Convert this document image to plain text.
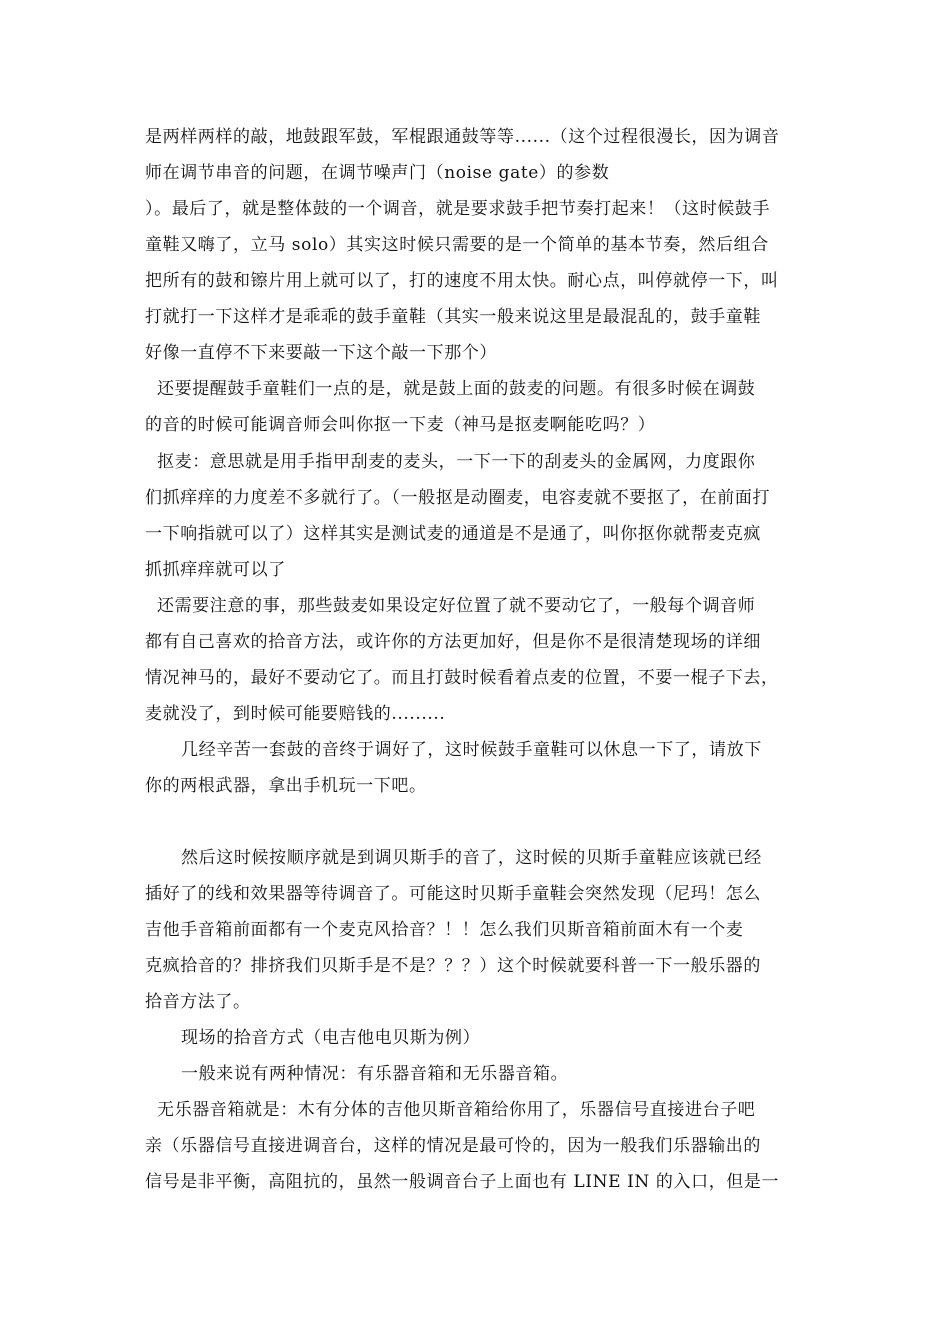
是两样两样的敲，地鼓跟军鼓，军棍跟通鼓等等......（这个过程很漫长，因为调音
师在调节串音的问题，在调节噪声门（noise gate）的参数
）。最后了，就是整体鼓的一个调音，就是要求鼓手把节奏打起来！（这时候鼓手
童鞋又嗨了，立马 solo）其实这时候只需要的是一个简单的基本节奏，然后组合
把所有的鼓和镲片用上就可以了，打的速度不用太快。耐心点，叫停就停一下，叫
打就打一下这样才是乖乖的鼓手童鞋（其实一般来说这里是最混乱的，鼓手童鞋
好像一直停不下来要敲一下这个敲一下那个）
还要提醒鼓手童鞋们一点的是，就是鼓上面的鼓麦的问题。有很多时候在调鼓
的音的时候可能调音师会叫你抠一下麦（神马是抠麦啊能吃吗？）
抠麦：意思就是用手指甲刮麦的麦头，一下一下的刮麦头的金属网，力度跟你
们抓痒痒的力度差不多就行了。（一般抠是动圈麦，电容麦就不要抠了，在前面打
一下响指就可以了）这样其实是测试麦的通道是不是通了，叫你抠你就帮麦克疯
抓抓痒痒就可以了
还需要注意的事，那些鼓麦如果设定好位置了就不要动它了，一般每个调音师
都有自己喜欢的拾音方法，或许你的方法更加好，但是你不是很清楚现场的详细
情况神马的，最好不要动它了。而且打鼓时候看着点麦的位置，不要一棍子下去，
麦就没了，到时候可能要赔钱的.........
几经辛苦一套鼓的音终于调好了，这时候鼓手童鞋可以休息一下了，请放下
你的两根武器，拿出手机玩一下吧。
然后这时候按顺序就是到调贝斯手的音了，这时候的贝斯手童鞋应该就已经
插好了的线和效果器等待调音了。可能这时贝斯手童鞋会突然发现（尼玛！怎么
吉他手音箱前面都有一个麦克风拾音？！！怎么我们贝斯音箱前面木有一个麦
克疯拾音的？排挤我们贝斯手是不是？？？）这个时候就要科普一下一般乐器的
拾音方法了。
现场的拾音方式（电吉他电贝斯为例）
一般来说有两种情况：有乐器音箱和无乐器音箱。
无乐器音箱就是：木有分体的吉他贝斯音箱给你用了，乐器信号直接进台子吧
亲（乐器信号直接进调音台，这样的情况是最可怜的，因为一般我们乐器输出的
信号是非平衡，高阻抗的，虽然一般调音台子上面也有 LINE IN 的入口，但是一
